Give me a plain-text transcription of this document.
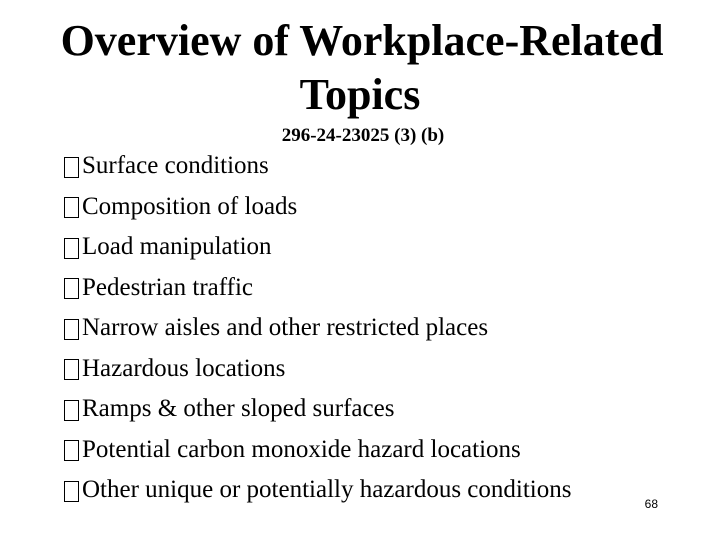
Overview of Workplace-Related
Topics
296-24-23025 (3) (b)
Surface conditions
Composition of loads
Load manipulation
Pedestrian traffic
Narrow aisles and other restricted places
Hazardous locations
Ramps & other sloped surfaces
Potential carbon monoxide hazard locations
Other unique or potentially hazardous conditions
68
